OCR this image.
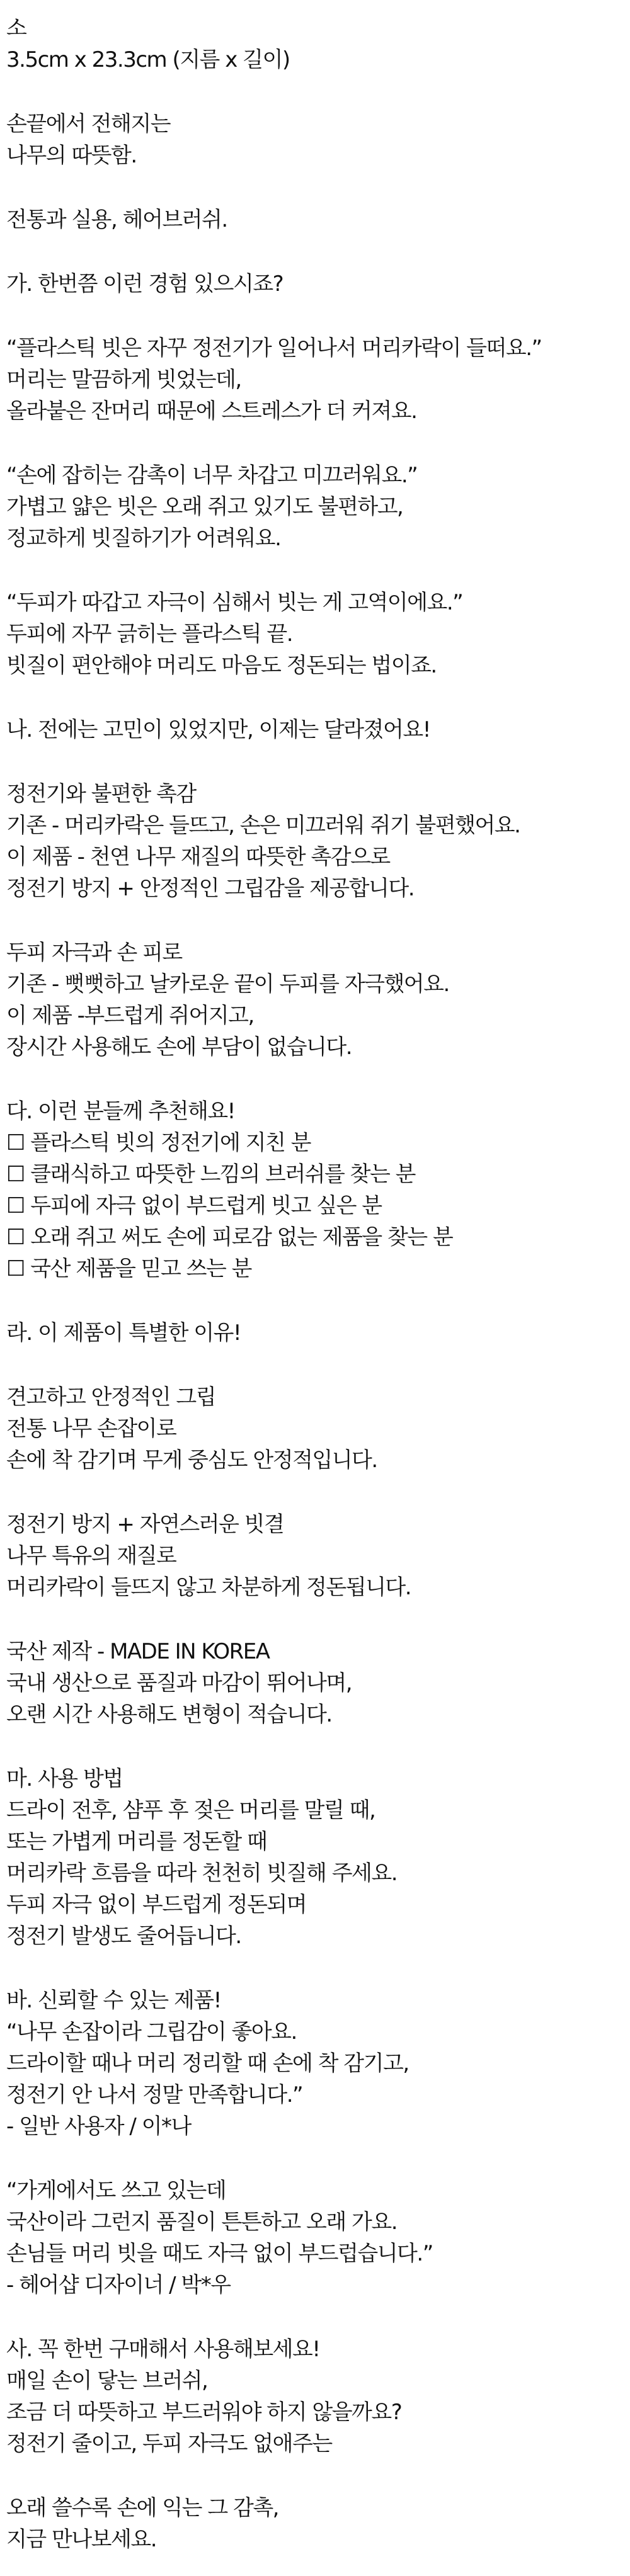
소

3.5cm x 23.3cm (지름 x 길이)

손끝에서 전해지는

나무의 따뜻함.

전통과 실용, 헤어브러쉬.

가. 한번쯤 이런 경험 있으시죠?

“플라스틱 빗은 자꾸 정전기가 일어나서 머리카락이 들떠요.”

머리는 말끔하게 빗었는데,

올라붙은 잔머리 때문에 스트레스가 더 커져요.

“손에 잡히는 감촉이 너무 차갑고 미끄러워요.”

가볍고 얇은 빗은 오래 쥐고 있기도 불편하고,

정교하게 빗질하기가 어려워요.

“두피가 따갑고 자극이 심해서 빗는 게 고역이에요.”

두피에 자꾸 긁히는 플라스틱 끝.

빗질이 편안해야 머리도 마음도 정돈되는 법이죠.

나. 전에는 고민이 있었지만, 이제는 달라졌어요!

정전기와 불편한 촉감

기존 - 머리카락은 들뜨고, 손은 미끄러워 쥐기 불편했어요.

이 제품 - 천연 나무 재질의 따뜻한 촉감으로

정전기 방지 + 안정적인 그립감을 제공합니다.

두피 자극과 손 피로

기존 - 뻣뻣하고 날카로운 끝이 두피를 자극했어요.

이 제품 -부드럽게 쥐어지고,

장시간 사용해도 손에 부담이 없습니다.

다. 이런 분들께 추천해요!

☐ 플라스틱 빗의 정전기에 지친 분

☐ 클래식하고 따뜻한 느낌의 브러쉬를 찾는 분

☐ 두피에 자극 없이 부드럽게 빗고 싶은 분

☐ 오래 쥐고 써도 손에 피로감 없는 제품을 찾는 분

☐ 국산 제품을 믿고 쓰는 분

라. 이 제품이 특별한 이유!

견고하고 안정적인 그립

전통 나무 손잡이로

손에 착 감기며 무게 중심도 안정적입니다.

정전기 방지 + 자연스러운 빗결

나무 특유의 재질로

머리카락이 들뜨지 않고 차분하게 정돈됩니다.

국산 제작 - MADE IN KOREA

국내 생산으로 품질과 마감이 뛰어나며,

오랜 시간 사용해도 변형이 적습니다.

마. 사용 방법

드라이 전후, 샴푸 후 젖은 머리를 말릴 때,

또는 가볍게 머리를 정돈할 때

머리카락 흐름을 따라 천천히 빗질해 주세요.

두피 자극 없이 부드럽게 정돈되며

정전기 발생도 줄어듭니다.

바. 신뢰할 수 있는 제품!

“나무 손잡이라 그립감이 좋아요.

드라이할 때나 머리 정리할 때 손에 착 감기고,

정전기 안 나서 정말 만족합니다.”

- 일반 사용자 / 이*나

“가게에서도 쓰고 있는데

국산이라 그런지 품질이 튼튼하고 오래 가요.

손님들 머리 빗을 때도 자극 없이 부드럽습니다.”

- 헤어샵 디자이너 / 박*우

사. 꼭 한번 구매해서 사용해보세요!

매일 손이 닿는 브러쉬,

조금 더 따뜻하고 부드러워야 하지 않을까요?

정전기 줄이고, 두피 자극도 없애주는

오래 쓸수록 손에 익는 그 감촉,

지금 만나보세요.
